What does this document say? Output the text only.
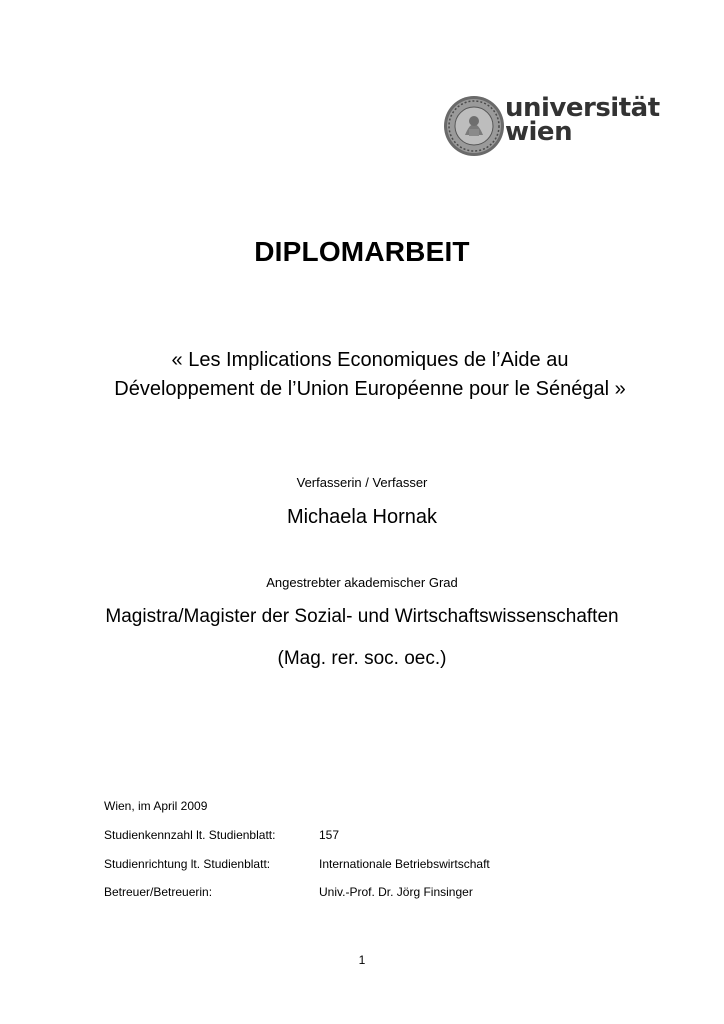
universität
wien
DIPLOMARBEIT
« Les Implications Economiques de l’Aide au Développement de l’Union Européenne pour le Sénégal »
Verfasserin / Verfasser
Michaela Hornak
Angestrebter akademischer Grad
Magistra/Magister der Sozial- und Wirtschaftswissenschaften
(Mag. rer. soc. oec.)
Wien, im April 2009
Studienkennzahl lt. Studienblatt:	157
Studienrichtung lt. Studienblatt:	Internationale Betriebswirtschaft
Betreuer/Betreuerin:	Univ.-Prof. Dr. Jörg Finsinger
1
